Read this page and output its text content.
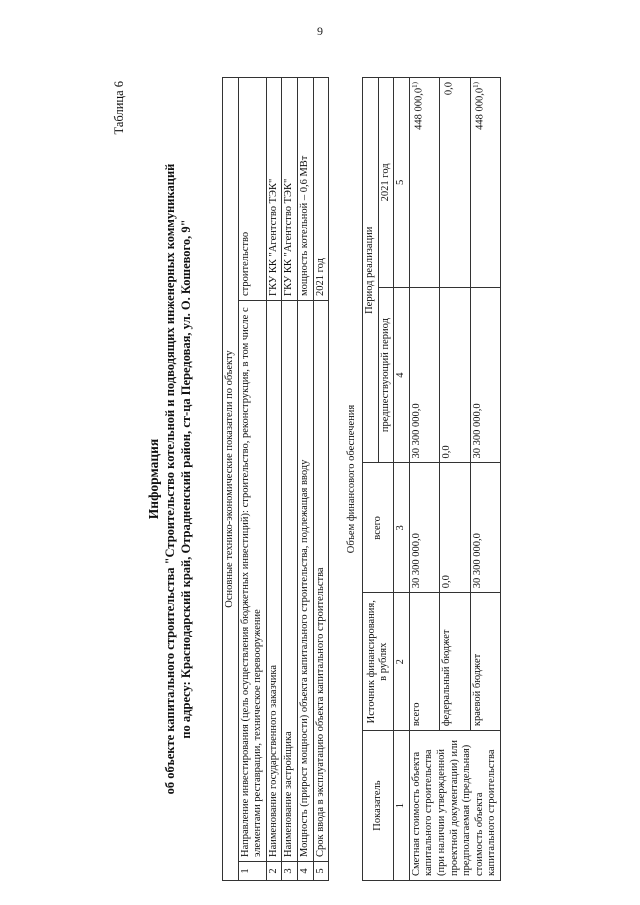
9
Таблица 6
Информация об объекте капитального строительства "Строительство котельной и подводящих инженерных коммуникаций по адресу: Краснодарский край, Отрадненский район, ст-ца Передовая, ул. О. Кошевого, 9"	Основные технико-экономические показатели по объекту		
1	Направление инвестирования (цель осуществления бюджетных инвестиций): строительство, реконструкция, в том числе с элементами реставрации, техническое перевооружение	строительство
2	Наименование государственного заказчика	ГКУ КК "Агентство ТЭК"
3	Наименование застройщика	ГКУ КК "Агентство ТЭК"
4	Мощность (прирост мощности) объекта капитального строительства, подлежащая вводу	мощность котельной – 0,6 МВт
5	Срок ввода в эксплуатацию объекта капитального строительства	2021 год
Объем финансового обеспечения
Показатель	Источник финансирования, в рублях	всего	Период реализации	
			предшествующий период	2021 год
1	2	3	4	5
Сметная стоимость объекта капитального строительства (при наличии утвержденной проектной документации) или предполагаемая (предельная) стоимость объекта капитального строительства	всего	30 300 000,0	30 300 000,0	448 000,0$^{1)}$
	федеральный бюджет	0,0	0,0	0,0
	краевой бюджет	30 300 000,0	30 300 000,0	448 000,0$^{1)}$
